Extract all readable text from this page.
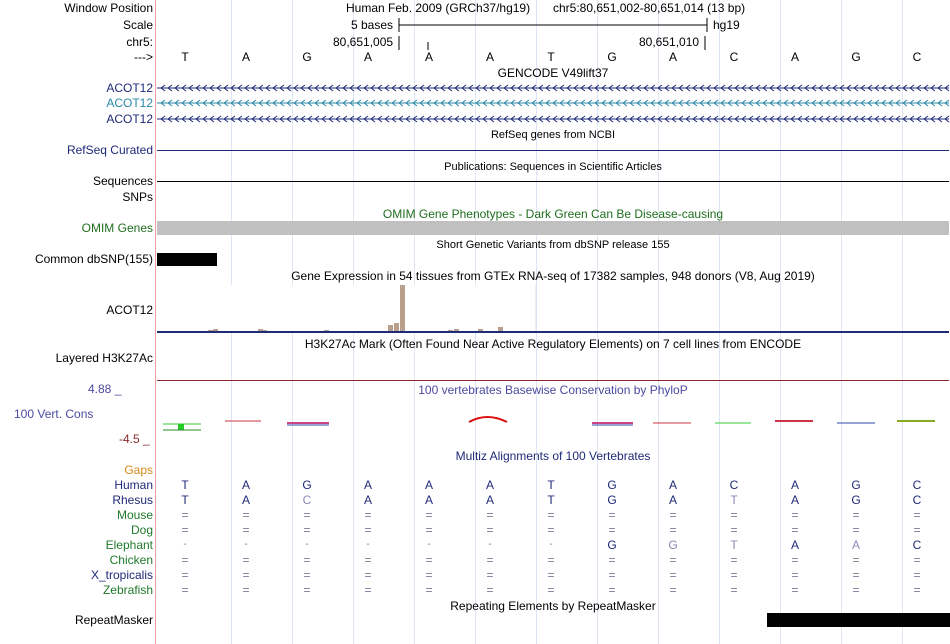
Window Position	Human Feb. 2009 (GRCh37/hg19) chr5:80,651,002-80,651,014 (13 bp)
Scale	5 bases	hg19
chr5:	80,651,005	80,651,010
--->	T	A	G	A	A	A	T	G	A	C	A	G	C
GENCODE V49lift37
ACOT12
ACOT12
ACOT12
RefSeq genes from NCBI
RefSeq Curated
Publications: Sequences in Scientific Articles
Sequences
SNPs
OMIM Gene Phenotypes - Dark Green Can Be Disease-causing
OMIM Genes
Short Genetic Variants from dbSNP release 155
Common dbSNP(155)
Gene Expression in 54 tissues from GTEx RNA-seq of 17382 samples, 948 donors (V8, Aug 2019)
ACOT12
H3K27Ac Mark (Often Found Near Active Regulatory Elements) on 7 cell lines from ENCODE
Layered H3K27Ac
100 vertebrates Basewise Conservation by PhyloP
4.88 _
100 Vert. Cons
-4.5 _
Multiz Alignments of 100 Vertebrates
Gaps
Human	T	A	G	A	A	A	T	G	A	C	A	G	C
Rhesus	T	A	C	A	A	A	T	G	A	T	A	G	C
Mouse	=	=	=	=	=	=	=	=	=	=	=	=	=
Dog	=	=	=	=	=	=	=	=	=	=	=	=	=
Elephant	-	-	-	-	-	-	-	G	G	T	A	A	C
Chicken	=	=	=	=	=	=	=	=	=	=	=	=	=
X_tropicalis	=	=	=	=	=	=	=	=	=	=	=	=	=
Zebrafish	=	=	=	=	=	=	=	=	=	=	=	=	=
Repeating Elements by RepeatMasker
RepeatMasker
